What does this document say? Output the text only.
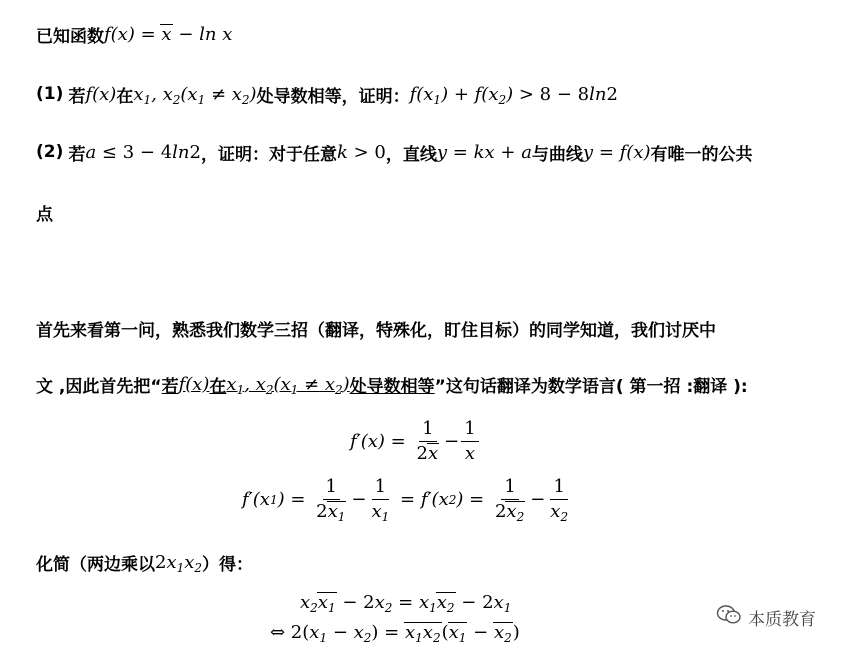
已知函数 f(x) = x − ln x
(1)
若 f(x) 在 $x_1$, $x_2(x_1 \ne x_2)$ 处导数相等，证明： $f(x_1) + f(x_2) > 8 - 8\ln 2$
(2)
若 a ≤ 3 − 4ln2 ，证明：对于任意 k > 0 ，直线 y = kx + a 与曲线 y = f(x) 有唯一的公共
点
首先来看第一问，熟悉我们数学三招（翻译，特殊化，盯住目标）的同学知道，我们讨厌中
文 ,因此首先把“ 若 f(x) 在 $x_1$, $x_2(x_1 \ne x_2)$ 处导数相等 ”这句话翻译为数学语言( 第一招 :翻译 ):
$f'(x) = \frac{1}{2x} - \frac{1}{x}$
f′(x 1 ) = $\frac{1}{2x_1} - \frac{1}{x_1} = f'(x$ 2 ) = $\frac{1}{2x_2} - \frac{1}{x_2}$
化简（两边乘以 $2x_1x_2$ ）得：
$x_2x_1 - 2x_2 = x_1x_2 - 2x_1$
⇔ $2(x_1 - x_2) = x_1x_2(x_1 - x_2)$
本质教育
